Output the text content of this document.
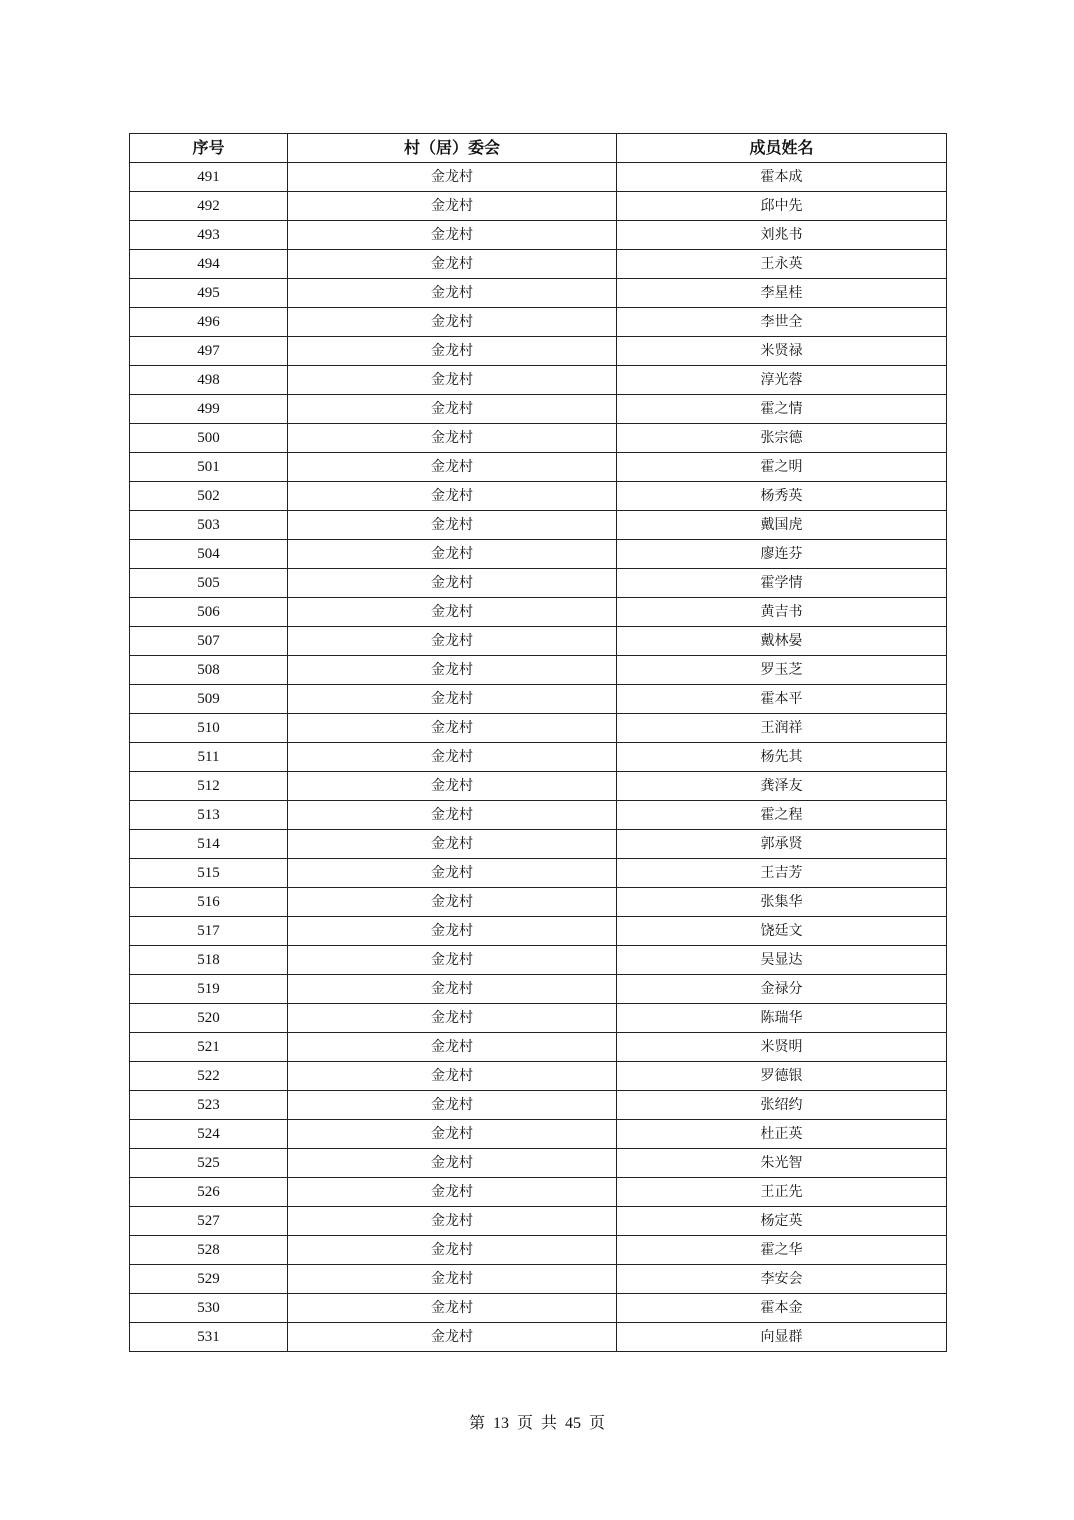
序号	村（居）委会	成员姓名
491	金龙村	霍本成
492	金龙村	邱中先
493	金龙村	刘兆书
494	金龙村	王永英
495	金龙村	李星桂
496	金龙村	李世全
497	金龙村	米贤禄
498	金龙村	淳光蓉
499	金龙村	霍之情
500	金龙村	张宗德
501	金龙村	霍之明
502	金龙村	杨秀英
503	金龙村	戴国虎
504	金龙村	廖连芬
505	金龙村	霍学情
506	金龙村	黄吉书
507	金龙村	戴林晏
508	金龙村	罗玉芝
509	金龙村	霍本平
510	金龙村	王润祥
511	金龙村	杨先其
512	金龙村	龚泽友
513	金龙村	霍之程
514	金龙村	郭承贤
515	金龙村	王吉芳
516	金龙村	张集华
517	金龙村	饶廷文
518	金龙村	吴显达
519	金龙村	金禄分
520	金龙村	陈瑞华
521	金龙村	米贤明
522	金龙村	罗德银
523	金龙村	张绍约
524	金龙村	杜正英
525	金龙村	朱光智
526	金龙村	王正先
527	金龙村	杨定英
528	金龙村	霍之华
529	金龙村	李安会
530	金龙村	霍本金
531	金龙村	向显群
第 13 页 共 45 页
